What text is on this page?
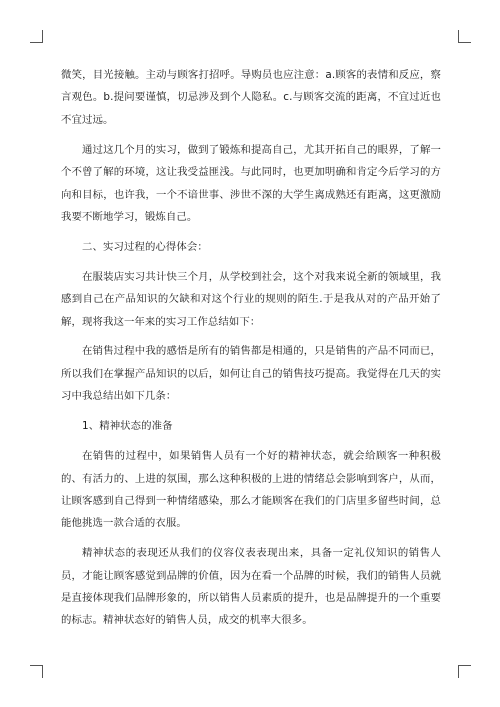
微笑，目光接触。主动与顾客打招呼。导购员也应注意：a.顾客的表情和反应，察言观色。b.提问要谨慎，切忌涉及到个人隐私。c.与顾客交流的距离，不宜过近也不宜过远。

通过这几个月的实习，做到了锻炼和提高自己，尤其开拓自己的眼界，了解一个不曾了解的环境，这让我受益匪浅。与此同时，也更加明确和肯定今后学习的方向和目标，也许我，一个不谙世事、涉世不深的大学生离成熟还有距离，这更激励我要不断地学习，锻炼自己。

二、实习过程的心得体会：

在服装店实习共计快三个月，从学校到社会，这个对我来说全新的领域里，我感到自己在产品知识的欠缺和对这个行业的规则的陌生.于是我从对的产品开始了解，现将我这一年来的实习工作总结如下：

在销售过程中我的感悟是所有的销售都是相通的，只是销售的产品不同而已，所以我们在掌握产品知识的以后，如何让自己的销售技巧提高。我觉得在几天的实习中我总结出如下几条：

1、精神状态的准备

在销售的过程中，如果销售人员有一个好的精神状态，就会给顾客一种积极的、有活力的、上进的氛围，那么这种积极的上进的情绪总会影响到客户，从而，让顾客感到自己得到一种情绪感染，那么才能顾客在我们的门店里多留些时间，总能他挑选一款合适的衣服。

精神状态的表现还从我们的仪容仪表表现出来，具备一定礼仪知识的销售人员，才能让顾客感觉到品牌的价值，因为在看一个品牌的时候，我们的销售人员就是直接体现我们品牌形象的，所以销售人员素质的提升，也是品牌提升的一个重要的标志。精神状态好的销售人员，成交的机率大很多。
